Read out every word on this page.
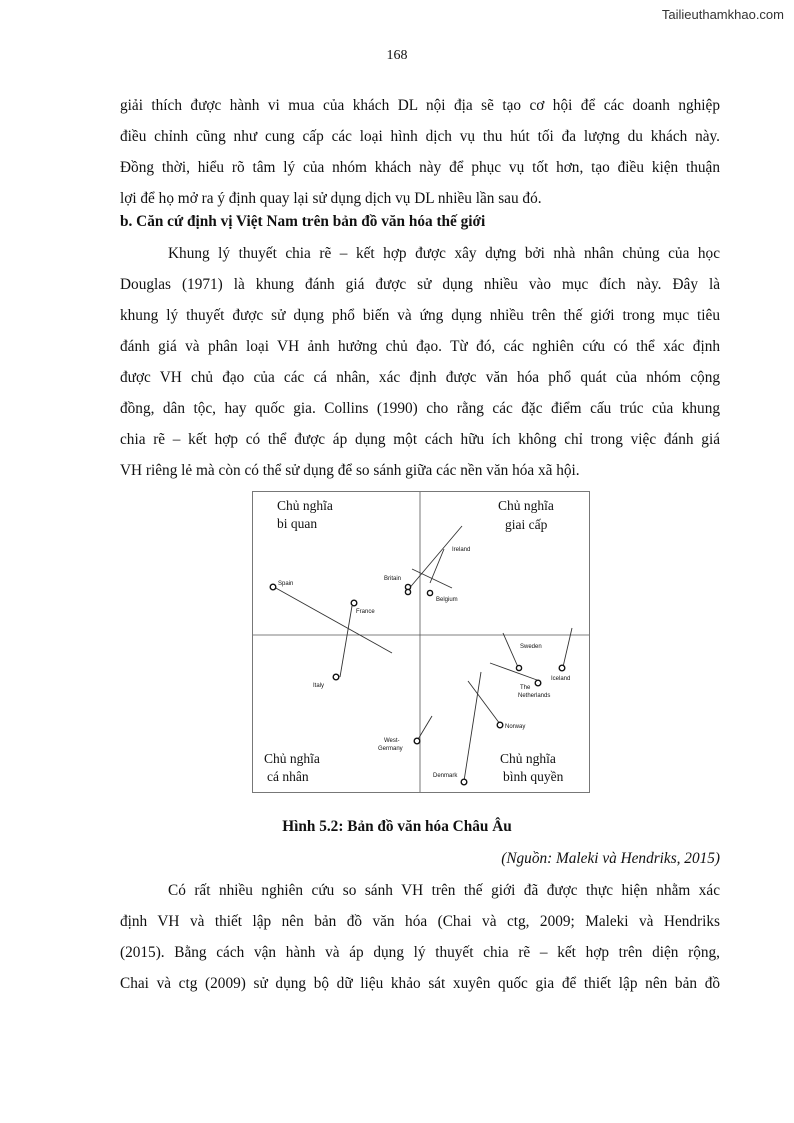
Tailieuthamkhao.com
168
giải thích được hành vi mua của khách DL nội địa sẽ tạo cơ hội để các doanh nghiệp
điều chỉnh cũng như cung cấp các loại hình dịch vụ thu hút tối đa lượng du khách này.
Đồng thời, hiểu rõ tâm lý của nhóm khách này để phục vụ tốt hơn, tạo điều kiện thuận
lợi để họ mở ra ý định quay lại sử dụng dịch vụ DL nhiều lần sau đó.
b. Căn cứ định vị Việt Nam trên bản đồ văn hóa thế giới
Khung lý thuyết chia rẽ – kết hợp được xây dựng bởi nhà nhân chủng của học
Douglas (1971) là khung đánh giá được sử dụng nhiều vào mục đích này. Đây là
khung lý thuyết được sử dụng phổ biến và ứng dụng nhiều trên thế giới trong mục tiêu
đánh giá và phân loại VH ảnh hưởng chủ đạo. Từ đó, các nghiên cứu có thể xác định
được VH chủ đạo của các cá nhân, xác định được văn hóa phổ quát của nhóm cộng
đồng, dân tộc, hay quốc gia. Collins (1990) cho rằng các đặc điểm cấu trúc của khung
chia rẽ – kết hợp có thể được áp dụng một cách hữu ích không chỉ trong việc đánh giá
VH riêng lẻ mà còn có thể sử dụng để so sánh giữa các nền văn hóa xã hội.
Chủ nghĩa
bi quan
Chủ nghĩa
giai cấp
Chủ nghĩa
cá nhân
Chủ nghĩa
bình quyền
Ireland
Spain
Britain
France
Belgium
Sweden
Iceland
The
Netherlands
Italy
Norway
West-
Germany
Denmark
Hình 5.2: Bản đồ văn hóa Châu Âu
(Nguồn: Maleki và Hendriks, 2015)
Có rất nhiều nghiên cứu so sánh VH trên thế giới đã được thực hiện nhằm xác
định VH và thiết lập nên bản đồ văn hóa (Chai và ctg, 2009; Maleki và Hendriks
(2015). Bằng cách vận hành và áp dụng lý thuyết chia rẽ – kết hợp trên diện rộng,
Chai và ctg (2009) sử dụng bộ dữ liệu khảo sát xuyên quốc gia để thiết lập nên bản đồ
